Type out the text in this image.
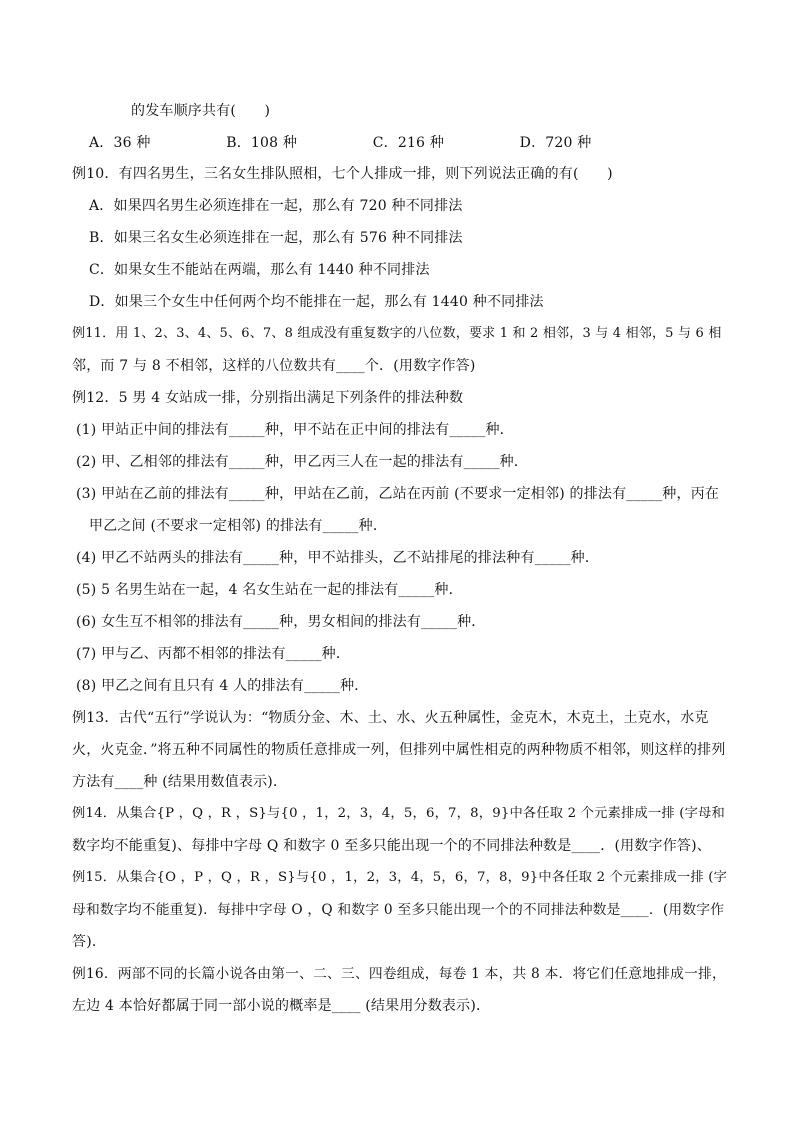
的发车顺序共有(　　)
A．36 种　　　　　 B．108 种　　　　　 C．216 种　　　　　 D．720 种
例10．有四名男生，三名女生排队照相，七个人排成一排，则下列说法正确的有(　　)
A．如果四名男生必须连排在一起，那么有 720 种不同排法
B．如果三名女生必须连排在一起，那么有 576 种不同排法
C．如果女生不能站在两端，那么有 1440 种不同排法
D．如果三个女生中任何两个均不能排在一起，那么有 1440 种不同排法
例11．用 1、2、3、4、5、6、7、8 组成没有重复数字的八位数，要求 1 和 2 相邻，3 与 4 相邻，5 与 6 相
邻，而 7 与 8 不相邻，这样的八位数共有____个．(用数字作答)
例12．5 男 4 女站成一排，分别指出满足下列条件的排法种数
(1) 甲站正中间的排法有_____种，甲不站在正中间的排法有_____种．
(2) 甲、乙相邻的排法有_____种，甲乙丙三人在一起的排法有_____种．
(3) 甲站在乙前的排法有_____种，甲站在乙前，乙站在丙前 (不要求一定相邻) 的排法有_____种，丙在
甲乙之间 (不要求一定相邻) 的排法有_____种．
(4) 甲乙不站两头的排法有_____种，甲不站排头，乙不站排尾的排法种有_____种．
(5) 5 名男生站在一起，4 名女生站在一起的排法有_____种．
(6) 女生互不相邻的排法有_____种，男女相间的排法有_____种．
(7) 甲与乙、丙都不相邻的排法有_____种．
(8) 甲乙之间有且只有 4 人的排法有_____种．
例13．古代“五行”学说认为：“物质分金、木、土、水、火五种属性，金克木，木克土，土克水，水克
火，火克金．”将五种不同属性的物质任意排成一列，但排列中属性相克的两种物质不相邻，则这样的排列
方法有____种 (结果用数值表示)．
例14．从集合{P ，Q ，R ，S}与{0 ，1，2，3，4，5，6，7，8，9}中各任取 2 个元素排成一排 (字母和
数字均不能重复)、每排中字母 Q 和数字 0 至多只能出现一个的不同排法种数是____．(用数字作答)、
例15．从集合{O ，P ，Q ，R ，S}与{0 ，1，2，3，4，5，6，7，8，9}中各任取 2 个元素排成一排 (字
母和数字均不能重复)．每排中字母 O ，Q 和数字 0 至多只能出现一个的不同排法种数是____．(用数字作
答)．
例16．两部不同的长篇小说各由第一、二、三、四卷组成，每卷 1 本，共 8 本．将它们任意地排成一排，
左边 4 本恰好都属于同一部小说的概率是____ (结果用分数表示)．
